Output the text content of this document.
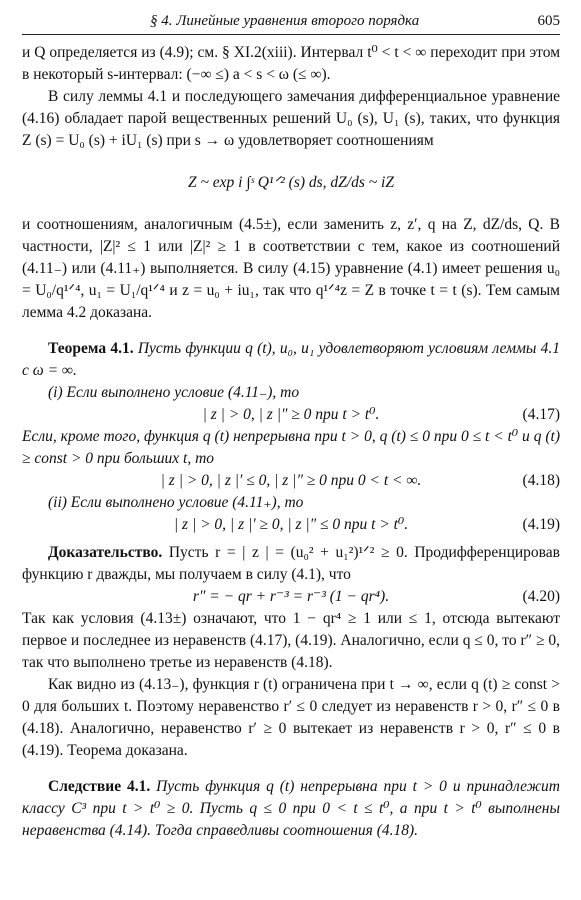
§ 4. Линейные уравнения второго порядка	605

и Q определяется из (4.9); см. § XI.2(xiii). Интервал t⁰ < t < ∞ переходит при этом в некоторый s-интервал: (−∞ ≤) a < s < ω (≤ ∞).

В силу леммы 4.1 и последующего замечания дифференциальное уравнение (4.16) обладает парой вещественных решений U₀ (s), U₁ (s), таких, что функция Z (s) = U₀ (s) + iU₁ (s) при s → ω удовлетворяет соотношениям

Z ~ exp i ∫ˢ Q¹ᐟ² (s) ds, dZ/ds ~ iZ

и соотношениям, аналогичным (4.5±), если заменить z, z′, q на Z, dZ/ds, Q. В частности, |Z|² ≤ 1 или |Z|² ≥ 1 в соответствии с тем, какое из соотношений (4.11₋) или (4.11₊) выполняется. В силу (4.15) уравнение (4.1) имеет решения u₀ = U₀/q¹ᐟ⁴, u₁ = U₁/q¹ᐟ⁴ и z = u₀ + iu₁, так что q¹ᐟ⁴z = Z в точке t = t (s). Тем самым лемма 4.2 доказана.

Теорема 4.1. Пусть функции q (t), u₀, u₁ удовлетворяют условиям леммы 4.1 с ω = ∞.

(i) Если выполнено условие (4.11₋), то

| z | > 0, | z |″ ≥ 0 при t > t⁰.	(4.17)

Если, кроме того, функция q (t) непрерывна при t > 0, q (t) ≤ 0 при 0 ≤ t < t⁰ и q (t) ≥ const > 0 при больших t, то

| z | > 0, | z |′ ≤ 0, | z |″ ≥ 0 при 0 < t < ∞.	(4.18)

(ii) Если выполнено условие (4.11₊), то

| z | > 0, | z |′ ≥ 0, | z |″ ≤ 0 при t > t⁰.	(4.19)

Доказательство. Пусть r = | z | = (u₀² + u₁²)¹ᐟ² ≥ 0. Продифференцировав функцию r дважды, мы получаем в силу (4.1), что

r″ = − qr + r⁻³ = r⁻³ (1 − qr⁴).	(4.20)

Так как условия (4.13±) означают, что 1 − qr⁴ ≥ 1 или ≤ 1, отсюда вытекают первое и последнее из неравенств (4.17), (4.19). Аналогично, если q ≤ 0, то r″ ≥ 0, так что выполнено третье из неравенств (4.18).

Как видно из (4.13₋), функция r (t) ограничена при t → ∞, если q (t) ≥ const > 0 для больших t. Поэтому неравенство r′ ≤ 0 следует из неравенств r > 0, r″ ≤ 0 в (4.18). Аналогично, неравенство r′ ≥ 0 вытекает из неравенств r > 0, r″ ≤ 0 в (4.19). Теорема доказана.

Следствие 4.1. Пусть функция q (t) непрерывна при t > 0 и принадлежит классу C³ при t > t⁰ ≥ 0. Пусть q ≤ 0 при 0 < t ≤ t⁰, а при t > t⁰ выполнены неравенства (4.14). Тогда справедливы соотношения (4.18).
